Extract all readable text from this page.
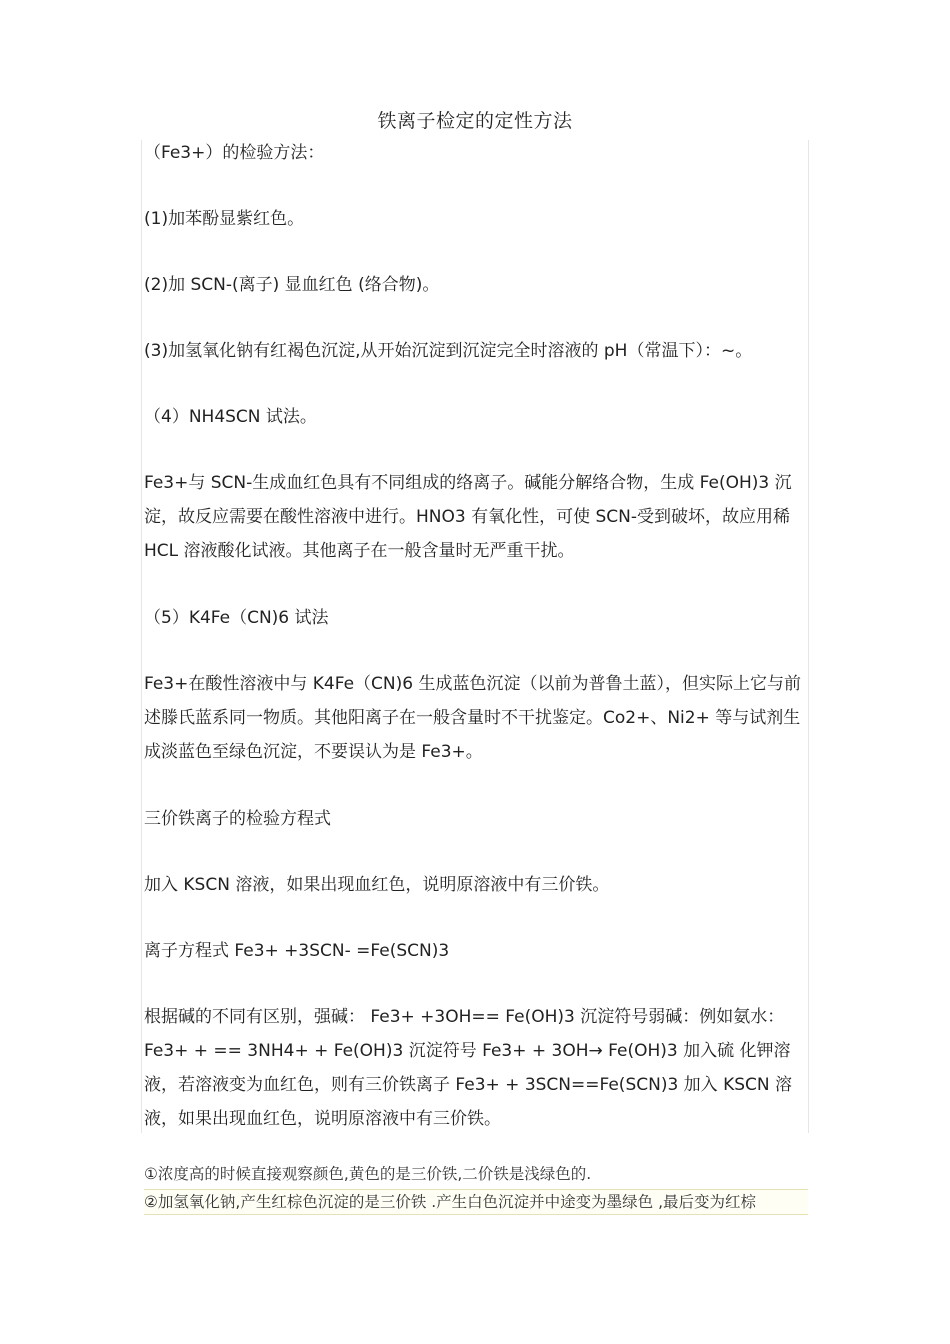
铁离子检定的定性方法
（Fe3+）的检验方法：
(1)加苯酚显紫红色。
(2)加 SCN-(离子) 显血红色 (络合物)。
(3)加氢氧化钠有红褐色沉淀,从开始沉淀到沉淀完全时溶液的 pH（常温下）：~。
（4）NH4SCN 试法。
Fe3+与 SCN-生成血红色具有不同组成的络离子。碱能分解络合物，生成 Fe(OH)3 沉淀，故反应需要在酸性溶液中进行。HNO3 有氧化性，可使 SCN-受到破坏，故应用稀 HCL 溶液酸化试液。其他离子在一般含量时无严重干扰。
（5）K4Fe（CN)6 试法
Fe3+在酸性溶液中与 K4Fe（CN)6 生成蓝色沉淀（以前为普鲁土蓝），但实际上它与前述滕氏蓝系同一物质。其他阳离子在一般含量时不干扰鉴定。Co2+、Ni2+ 等与试剂生成淡蓝色至绿色沉淀，不要误认为是 Fe3+。
三价铁离子的检验方程式
加入 KSCN 溶液，如果出现血红色，说明原溶液中有三价铁。
离子方程式 Fe3+ +3SCN- =Fe(SCN)3
根据碱的不同有区别，强碱： Fe3+ +3OH== Fe(OH)3 沉淀符号弱碱：例如氨水：Fe3+ + == 3NH4+ + Fe(OH)3 沉淀符号 Fe3+ + 3OH→ Fe(OH)3 加入硫 化钾溶液，若溶液变为血红色，则有三价铁离子 Fe3+ + 3SCN==Fe(SCN)3 加入 KSCN 溶液，如果出现血红色，说明原溶液中有三价铁。
①浓度高的时候直接观察颜色,黄色的是三价铁,二价铁是浅绿色的.
②加氢氧化钠,产生红棕色沉淀的是三价铁 .产生白色沉淀并中途变为墨绿色 ,最后变为红棕
